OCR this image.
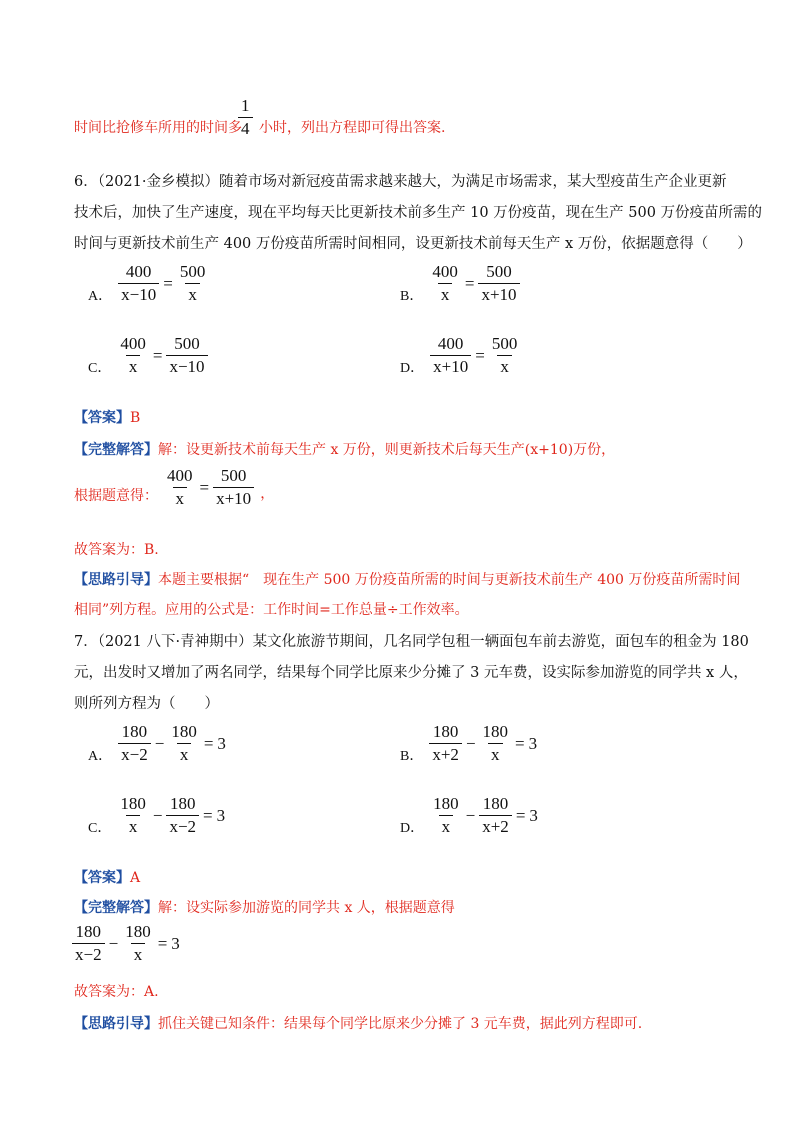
$\frac{1}{4}$
时间比抢修车所用的时间多 小时，列出方程即可得出答案.
6．（2021·金乡模拟）随着市场对新冠疫苗需求越来越大，为满足市场需求，某大型疫苗生产企业更新
技术后，加快了生产速度，现在平均每天比更新技术前多生产 10 万份疫苗，现在生产 500 万份疫苗所需的
时间与更新技术前生产 400 万份疫苗所需时间相同，设更新技术前每天生产 x 万份，依据题意得（　　）
A． $\frac{400}{x-10} = \frac{500}{x}$	B． $\frac{400}{x} = \frac{500}{x+10}$
C． $\frac{400}{x} = \frac{500}{x-10}$	D． $\frac{400}{x+10} = \frac{500}{x}$
【答案】B
【完整解答】解：设更新技术前每天生产 x 万份，则更新技术后每天生产(x+10)万份，
根据题意得： $\frac{400}{x} = \frac{500}{x+10}$ ，
故答案为：B.
【思路引导】本题主要根据“　现在生产 500 万份疫苗所需的时间与更新技术前生产 400 万份疫苗所需时间
相同”列方程。应用的公式是：工作时间=工作总量÷工作效率。
7．（2021 八下·青神期中）某文化旅游节期间，几名同学包租一辆面包车前去游览，面包车的租金为 180
元，出发时又增加了两名同学，结果每个同学比原来少分摊了 3 元车费，设实际参加游览的同学共 x 人，
则所列方程为（　　）
A． $\frac{180}{x-2} - \frac{180}{x} = 3$
B． $\frac{180}{x+2} - \frac{180}{x} = 3$
C． $\frac{180}{x} - \frac{180}{x-2} = 3$
D． $\frac{180}{x} - \frac{180}{x+2} = 3$
【答案】A
【完整解答】解：设实际参加游览的同学共 x 人，根据题意得
$\frac{180}{x-2} - \frac{180}{x} = 3$
故答案为：A.
【思路引导】抓住关键已知条件：结果每个同学比原来少分摊了 3 元车费，据此列方程即可.
